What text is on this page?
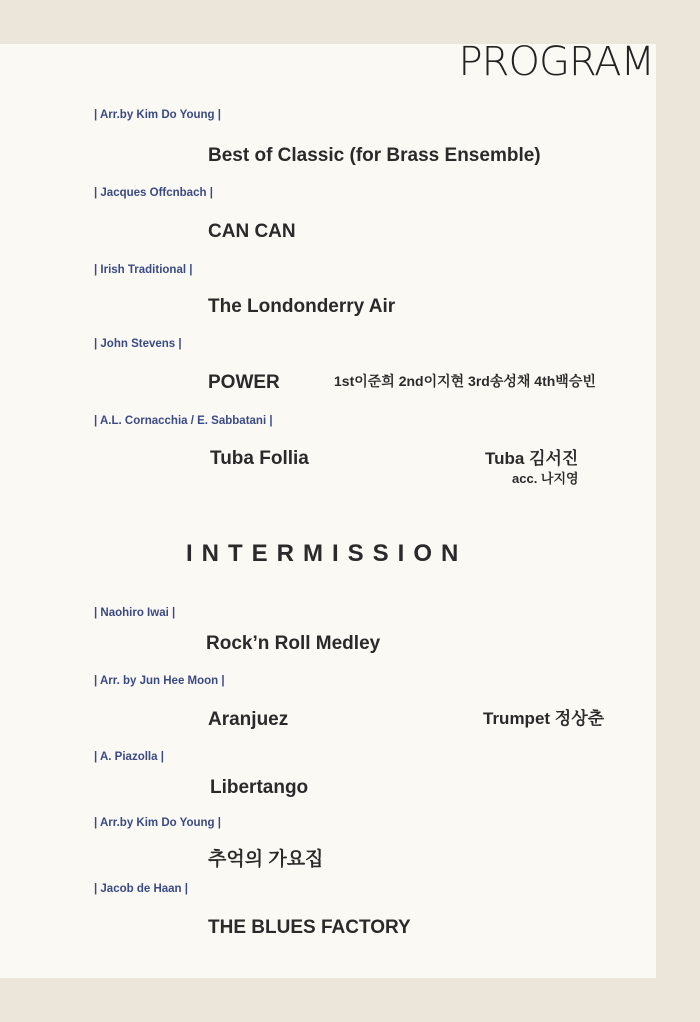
PROGRAM
| Arr.by Kim Do Young |
Best of Classic (for Brass Ensemble)
| Jacques Offcnbach |
CAN CAN
| Irish Traditional |
The Londonderry Air
| John Stevens |
POWER	1st이준희 2nd이지현 3rd송성채 4th백승빈
| A.L. Cornacchia / E. Sabbatani |
Tuba Follia	Tuba 김서진
acc. 나지영
INTERMISSION
| Naohiro Iwai |
Rock’n Roll Medley
| Arr. by Jun Hee Moon |
Aranjuez	Trumpet 정상춘
| A. Piazolla |
Libertango
| Arr.by Kim Do Young |
추억의 가요집
| Jacob de Haan |
THE BLUES FACTORY
